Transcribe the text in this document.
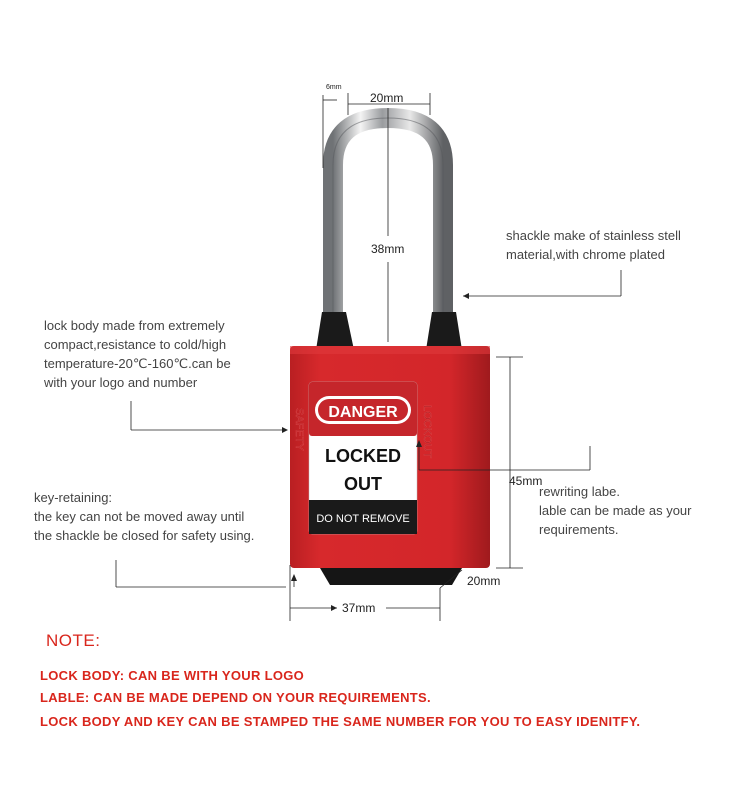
DANGER
LOCKED
OUT
DO NOT REMOVE
SAFETY	LOCKOUT
6mm
20mm
38mm
45mm
20mm
37mm
shackle make of stainless stell
material,with chrome plated
lock body made from extremely
compact,resistance to cold/high
temperature-20℃-160℃.can be
with your logo and number
key-retaining:
the key can not be moved away until
the shackle be closed for safety using.
rewriting labe.
lable can be made as your
requirements.
NOTE:
LOCK BODY: CAN BE WITH YOUR LOGO
LABLE: CAN BE MADE DEPEND ON YOUR REQUIREMENTS.
LOCK BODY AND KEY CAN BE STAMPED THE SAME NUMBER FOR YOU TO EASY IDENITFY.
